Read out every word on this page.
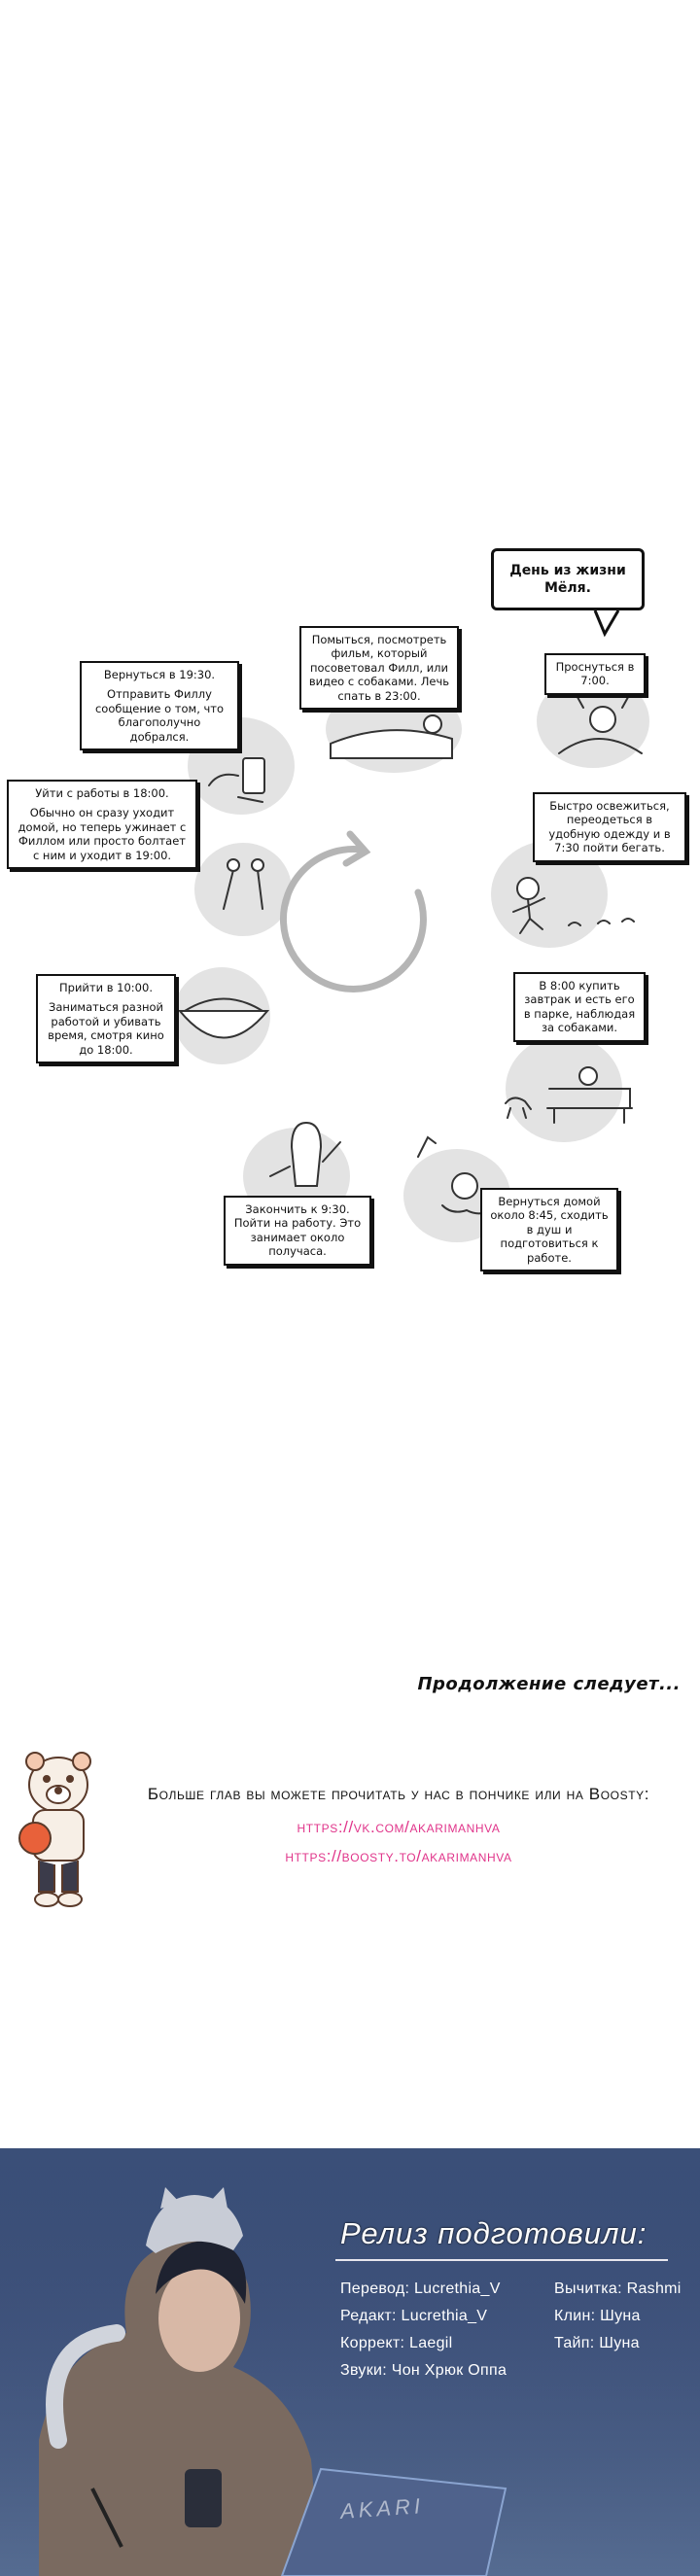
День из жизни Мёля.

Проснуться в 7:00.

Быстро освежиться, переодеться в удобную одежду и в 7:30 пойти бегать.

В 8:00 купить завтрак и есть его в парке, наблюдая за собаками.

Вернуться домой около 8:45, сходить в душ и подготовиться к работе.

Закончить к 9:30. Пойти на работу. Это занимает около получаса.

Прийти в 10:00.

Заниматься разной работой и убивать время, смотря кино до 18:00.

Уйти с работы в 18:00.

Обычно он сразу уходит домой, но теперь ужинает с Филлом или просто болтает с ним и уходит в 19:00.

Вернуться в 19:30.

Отправить Филлу сообщение о том, что благополучно добрался.

Помыться, посмотреть фильм, который посоветовал Филл, или видео с собаками. Лечь спать в 23:00.

Продолжение следует...
Больше глав вы можете прочитать у нас в пончике или на Boosty:
https://vk.com/akarimanhva
https://boosty.to/akarimanhva
Релиз подготовили:
Перевод: Lucrethia_V
Редакт: Lucrethia_V
Коррект: Laegil
Звуки: Чон Хрюк Оппа
Вычитка: Rashmi
Клин: Шуна
Тайп: Шуна
AKARI
